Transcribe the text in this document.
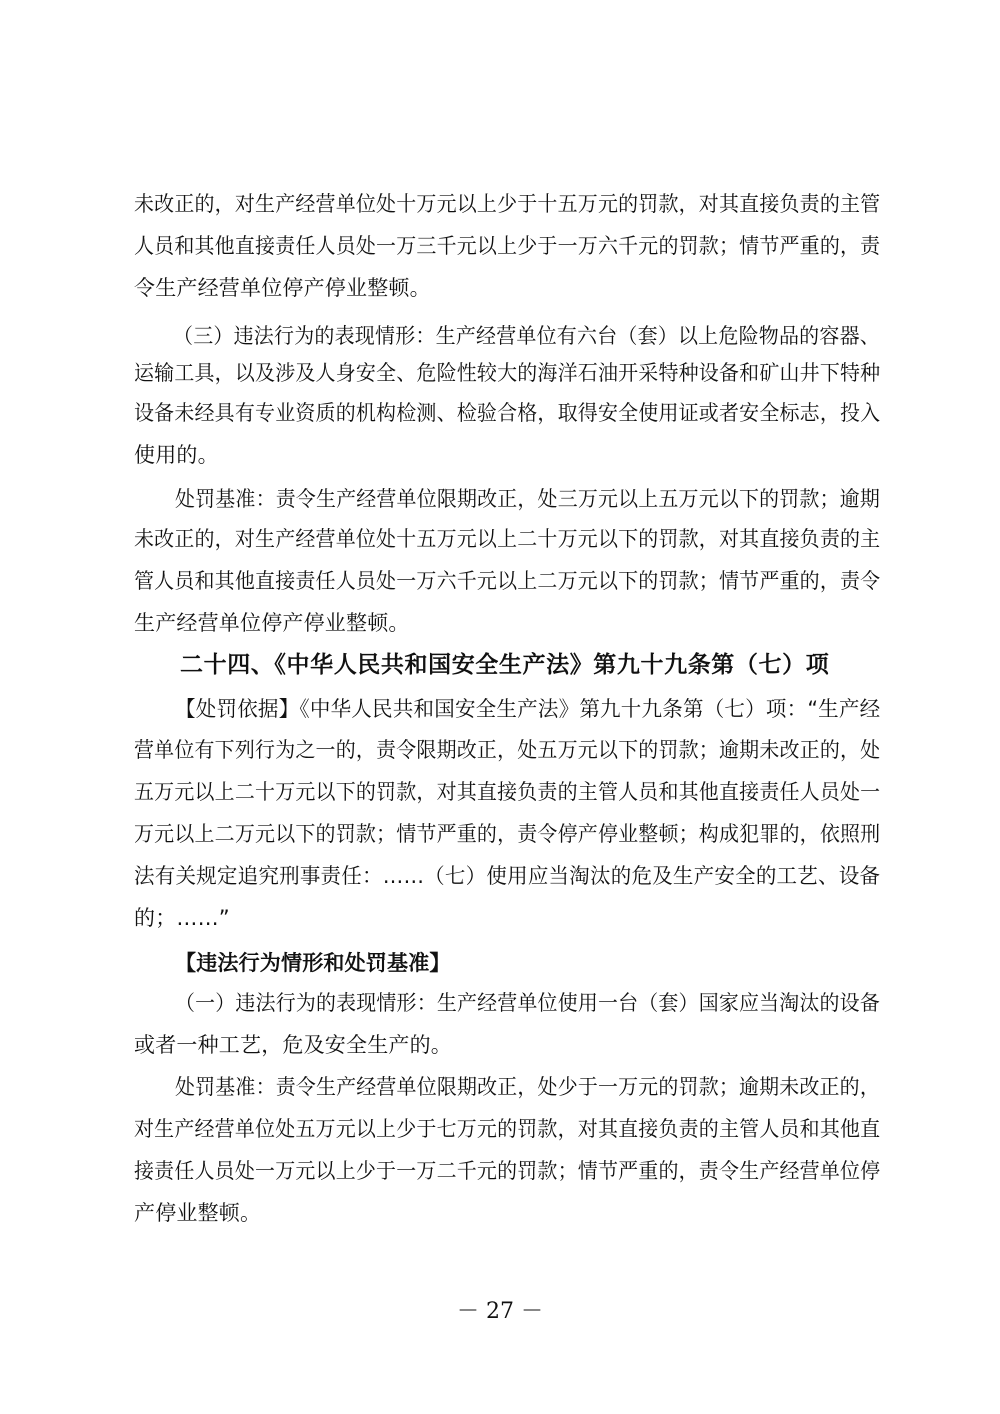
未改正的，对生产经营单位处十万元以上少于十五万元的罚款，对其直接负责的主管
人员和其他直接责任人员处一万三千元以上少于一万六千元的罚款；情节严重的，责
令生产经营单位停产停业整顿。
（三）违法行为的表现情形：生产经营单位有六台（套）以上危险物品的容器、
运输工具，以及涉及人身安全、危险性较大的海洋石油开采特种设备和矿山井下特种
设备未经具有专业资质的机构检测、检验合格，取得安全使用证或者安全标志，投入
使用的。
处罚基准：责令生产经营单位限期改正，处三万元以上五万元以下的罚款；逾期
未改正的，对生产经营单位处十五万元以上二十万元以下的罚款，对其直接负责的主
管人员和其他直接责任人员处一万六千元以上二万元以下的罚款；情节严重的，责令
生产经营单位停产停业整顿。
二十四、《中华人民共和国安全生产法》第九十九条第（七）项
【处罚依据】《中华人民共和国安全生产法》第九十九条第（七）项：“生产经
营单位有下列行为之一的，责令限期改正，处五万元以下的罚款；逾期未改正的，处
五万元以上二十万元以下的罚款，对其直接负责的主管人员和其他直接责任人员处一
万元以上二万元以下的罚款；情节严重的，责令停产停业整顿；构成犯罪的，依照刑
法有关规定追究刑事责任：……（七）使用应当淘汰的危及生产安全的工艺、设备
的；……”
【违法行为情形和处罚基准】
（一）违法行为的表现情形：生产经营单位使用一台（套）国家应当淘汰的设备
或者一种工艺，危及安全生产的。
处罚基准：责令生产经营单位限期改正，处少于一万元的罚款；逾期未改正的，
对生产经营单位处五万元以上少于七万元的罚款，对其直接负责的主管人员和其他直
接责任人员处一万元以上少于一万二千元的罚款；情节严重的，责令生产经营单位停
产停业整顿。
－ 27 －
